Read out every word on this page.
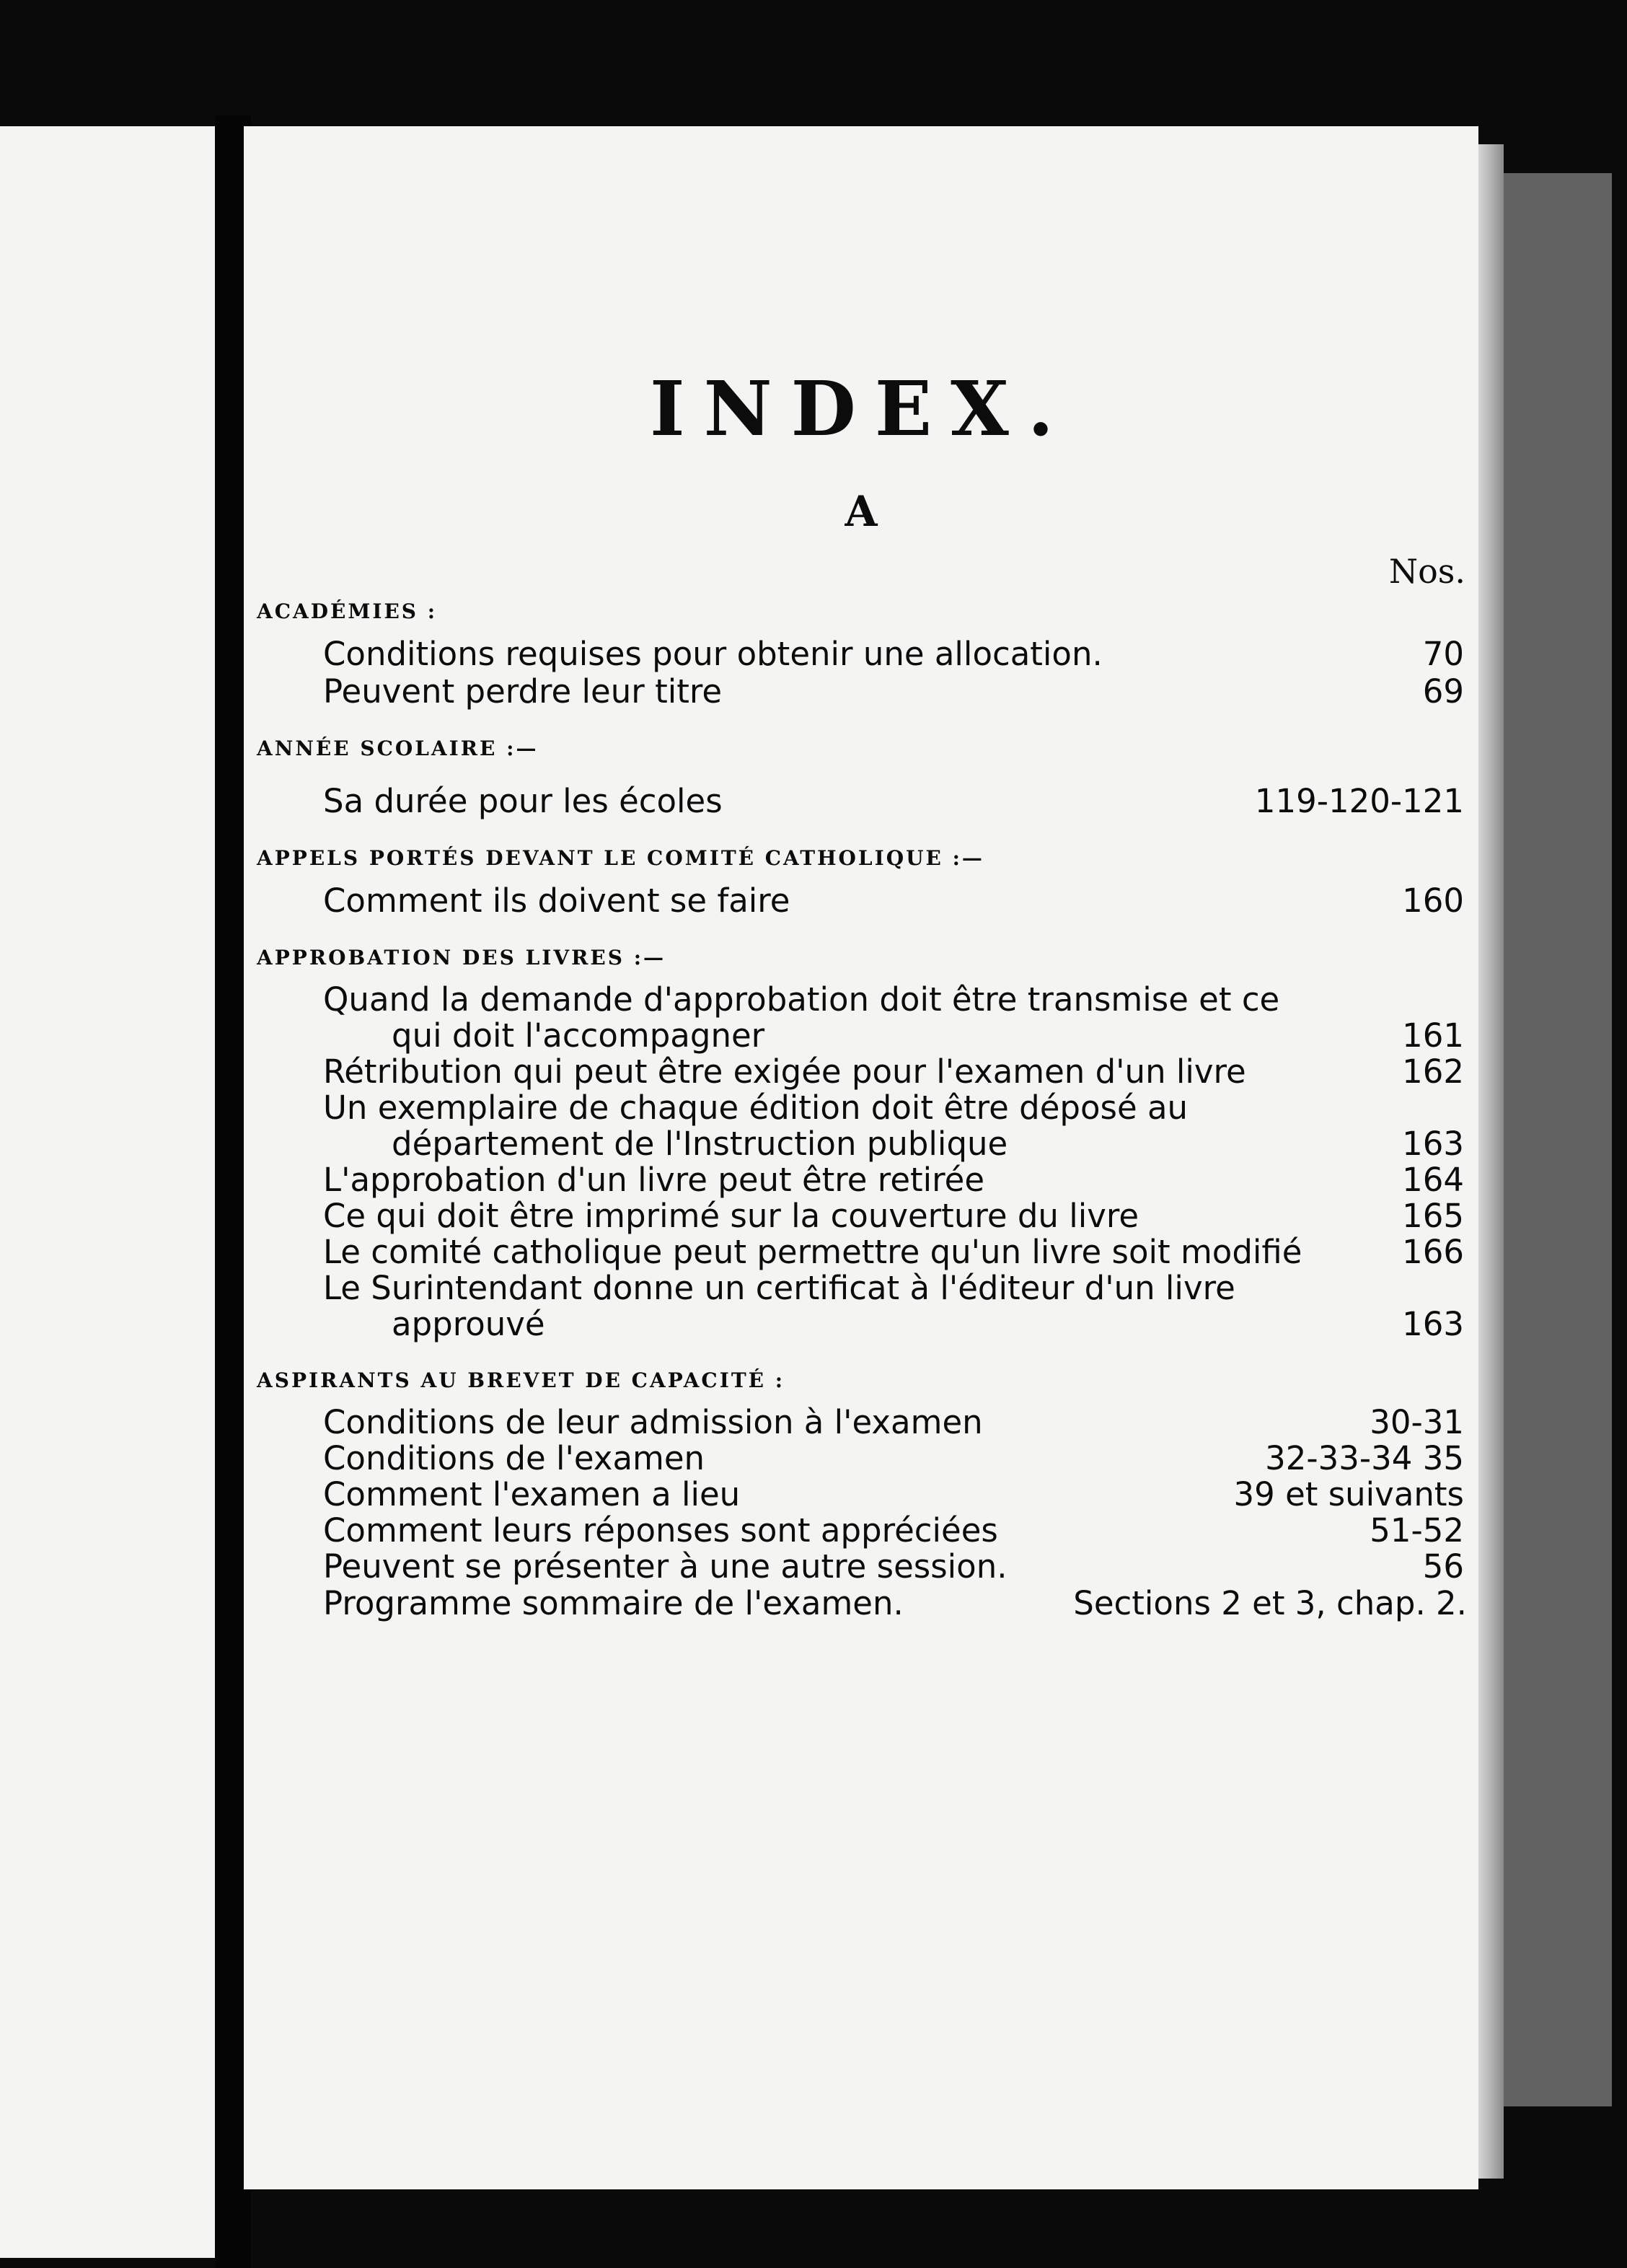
INDEX.
A
Nos.
ACADÉMIES :
Conditions requises pour obtenir une allocation.	70
Peuvent perdre leur titre	69
ANNÉE SCOLAIRE :—
Sa durée pour les écoles	119-120-121
APPELS PORTÉS DEVANT LE COMITÉ CATHOLIQUE :—
Comment ils doivent se faire	160
APPROBATION DES LIVRES :—
Quand la demande d'approbation doit être transmise et ce qui doit l'accompagner	161
Rétribution qui peut être exigée pour l'examen d'un livre	162
Un exemplaire de chaque édition doit être déposé au département de l'Instruction publique	163
L'approbation d'un livre peut être retirée	164
Ce qui doit être imprimé sur la couverture du livre	165
Le comité catholique peut permettre qu'un livre soit modifié	166
Le Surintendant donne un certificat à l'éditeur d'un livre approuvé	163
ASPIRANTS AU BREVET DE CAPACITÉ :
Conditions de leur admission à l'examen	30-31
Conditions de l'examen	32-33-34 35
Comment l'examen a lieu	39 et suivants
Comment leurs réponses sont appréciées	51-52
Peuvent se présenter à une autre session.	56
Programme sommaire de l'examen.	Sections 2 et 3, chap. 2.
